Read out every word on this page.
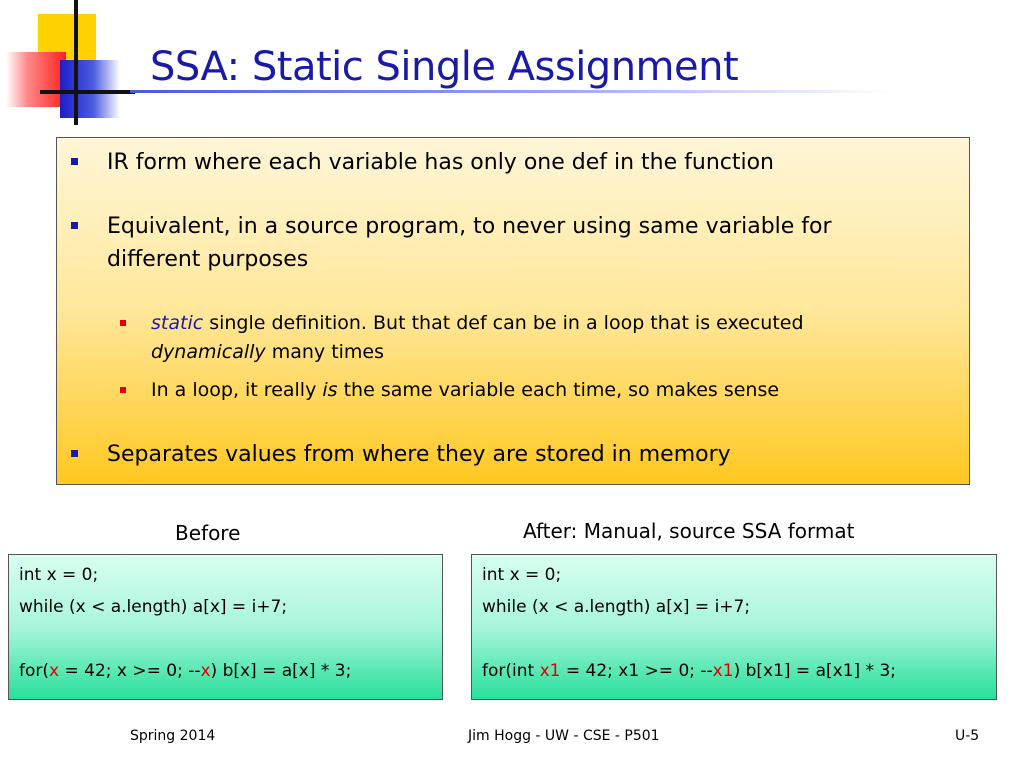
SSA: Static Single Assignment
IR form where each variable has only one def in the function
Equivalent, in a source program, to never using same variable for
different purposes
static single definition. But that def can be in a loop that is executed
dynamically many times
In a loop, it really is the same variable each time, so makes sense
Separates values from where they are stored in memory
Before	After: Manual, source SSA format
int x = 0;
while (x < a.length) a[x] = i+7;
for(x = 42; x >= 0; --x) b[x] = a[x] * 3;
int x = 0;
while (x < a.length) a[x] = i+7;
for(int x1 = 42; x1 >= 0; --x1) b[x1] = a[x1] * 3;
Spring 2014	Jim Hogg - UW - CSE - P501	U-5
